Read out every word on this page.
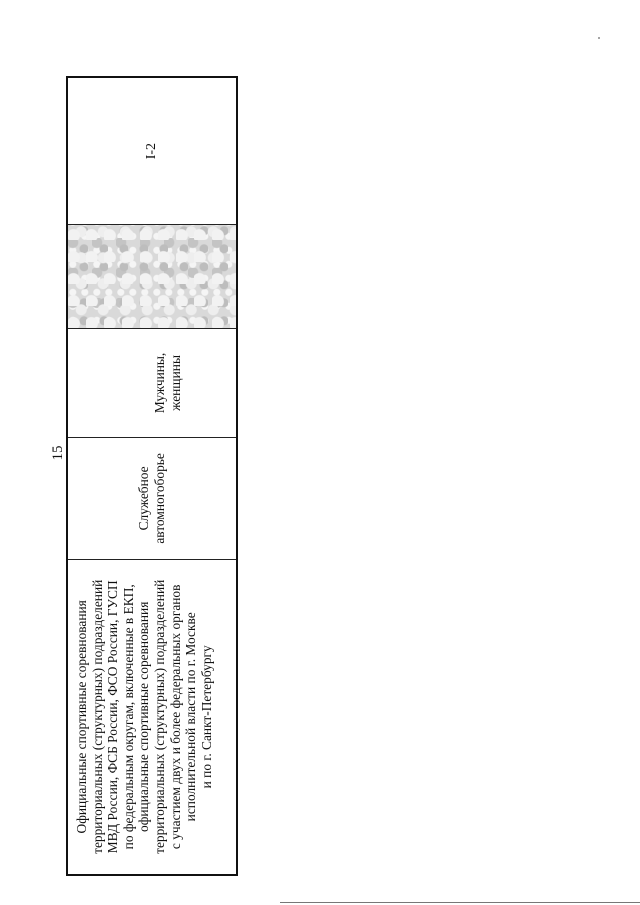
15
Официальные спортивные соревнования территориальных (структурных) подразделений МВД России, ФСБ России, ФСО России, ГУСП по федеральным округам, включенные в ЕКП, официальные спортивные соревнования территориальных (структурных) подразделений с участием двух и более федеральных органов исполнительной власти по г. Москве и по г. Санкт-Петербургу
Служебное автомногоборье
Мужчины, женщины
I-2
